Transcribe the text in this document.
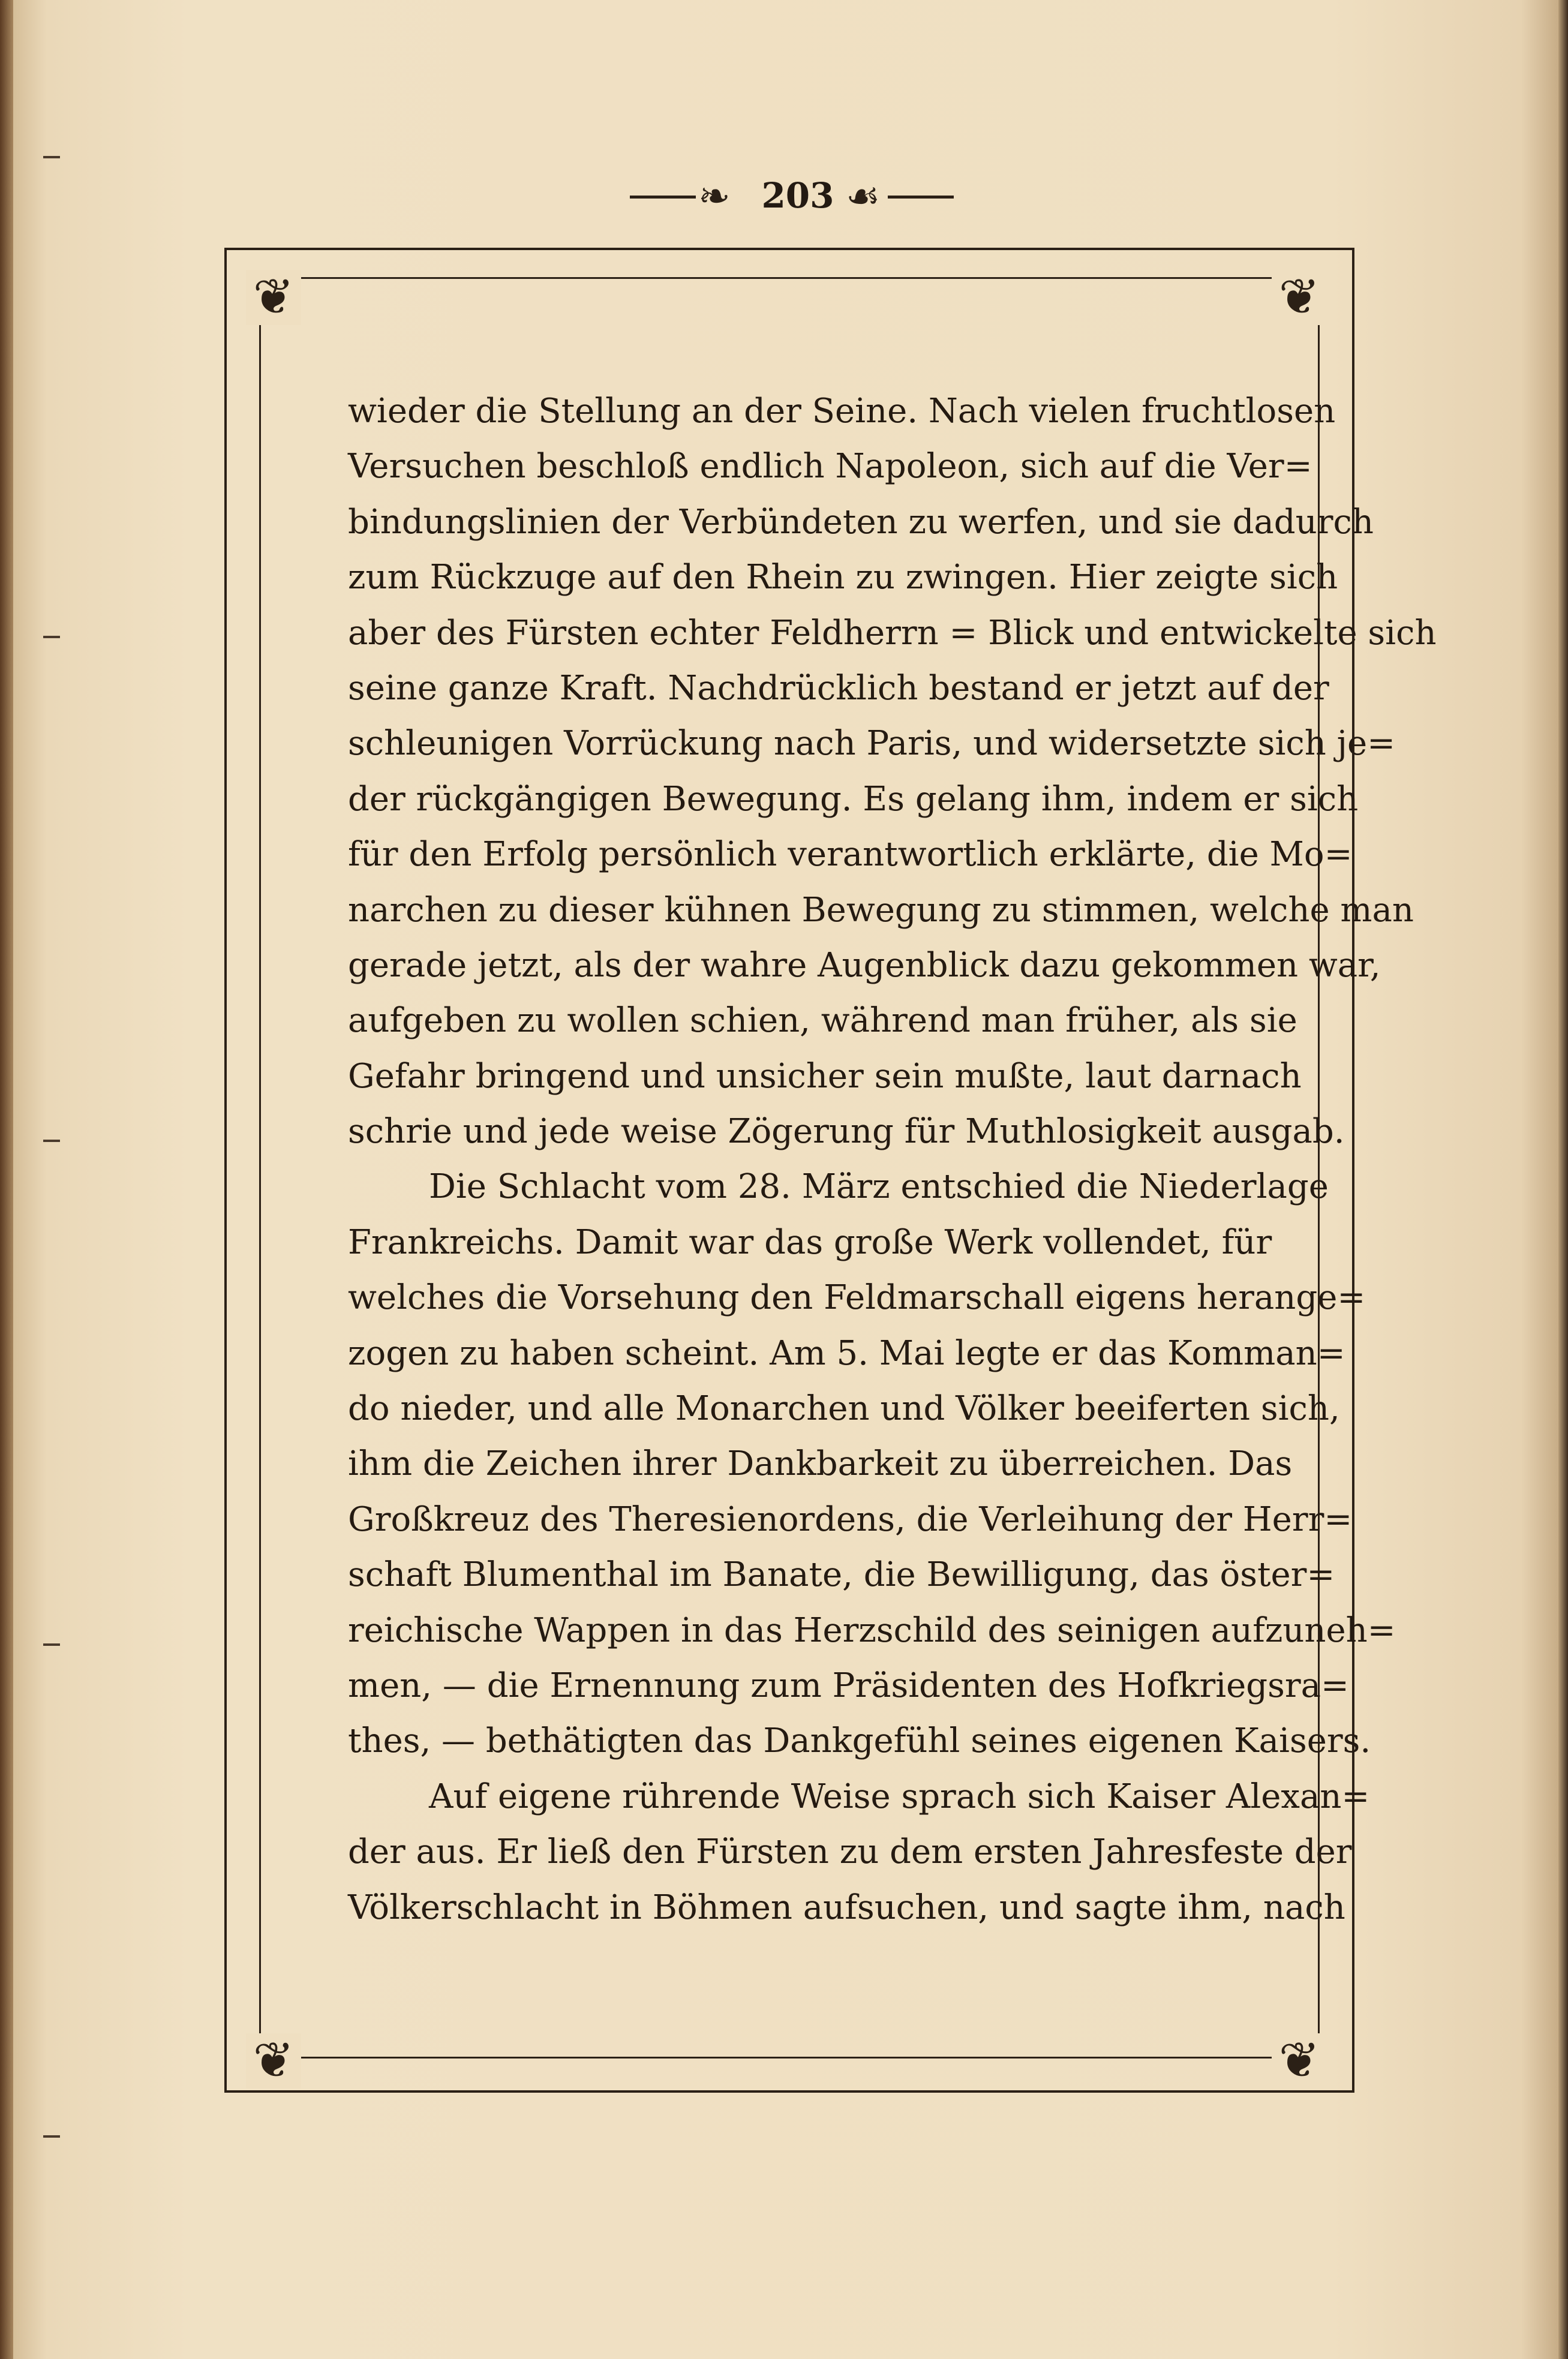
❧ 203 ☙
❦	❦
❦	❦
wieder die Stellung an der Seine. Nach vielen fruchtlosen
Versuchen beschloß endlich Napoleon, sich auf die Ver=
bindungslinien der Verbündeten zu werfen, und sie dadurch
zum Rückzuge auf den Rhein zu zwingen. Hier zeigte sich
aber des Fürsten echter Feldherrn = Blick und entwickelte sich
seine ganze Kraft. Nachdrücklich bestand er jetzt auf der
schleunigen Vorrückung nach Paris, und widersetzte sich je=
der rückgängigen Bewegung. Es gelang ihm, indem er sich
für den Erfolg persönlich verantwortlich erklärte, die Mo=
narchen zu dieser kühnen Bewegung zu stimmen, welche man
gerade jetzt, als der wahre Augenblick dazu gekommen war,
aufgeben zu wollen schien, während man früher, als sie
Gefahr bringend und unsicher sein mußte, laut darnach
schrie und jede weise Zögerung für Muthlosigkeit ausgab.
Die Schlacht vom 28. März entschied die Niederlage
Frankreichs. Damit war das große Werk vollendet, für
welches die Vorsehung den Feldmarschall eigens herange=
zogen zu haben scheint. Am 5. Mai legte er das Komman=
do nieder, und alle Monarchen und Völker beeiferten sich,
ihm die Zeichen ihrer Dankbarkeit zu überreichen. Das
Großkreuz des Theresienordens, die Verleihung der Herr=
schaft Blumenthal im Banate, die Bewilligung, das öster=
reichische Wappen in das Herzschild des seinigen aufzuneh=
men, — die Ernennung zum Präsidenten des Hofkriegsra=
thes, — bethätigten das Dankgefühl seines eigenen Kaisers.
Auf eigene rührende Weise sprach sich Kaiser Alexan=
der aus. Er ließ den Fürsten zu dem ersten Jahresfeste der
Völkerschlacht in Böhmen aufsuchen, und sagte ihm, nach
